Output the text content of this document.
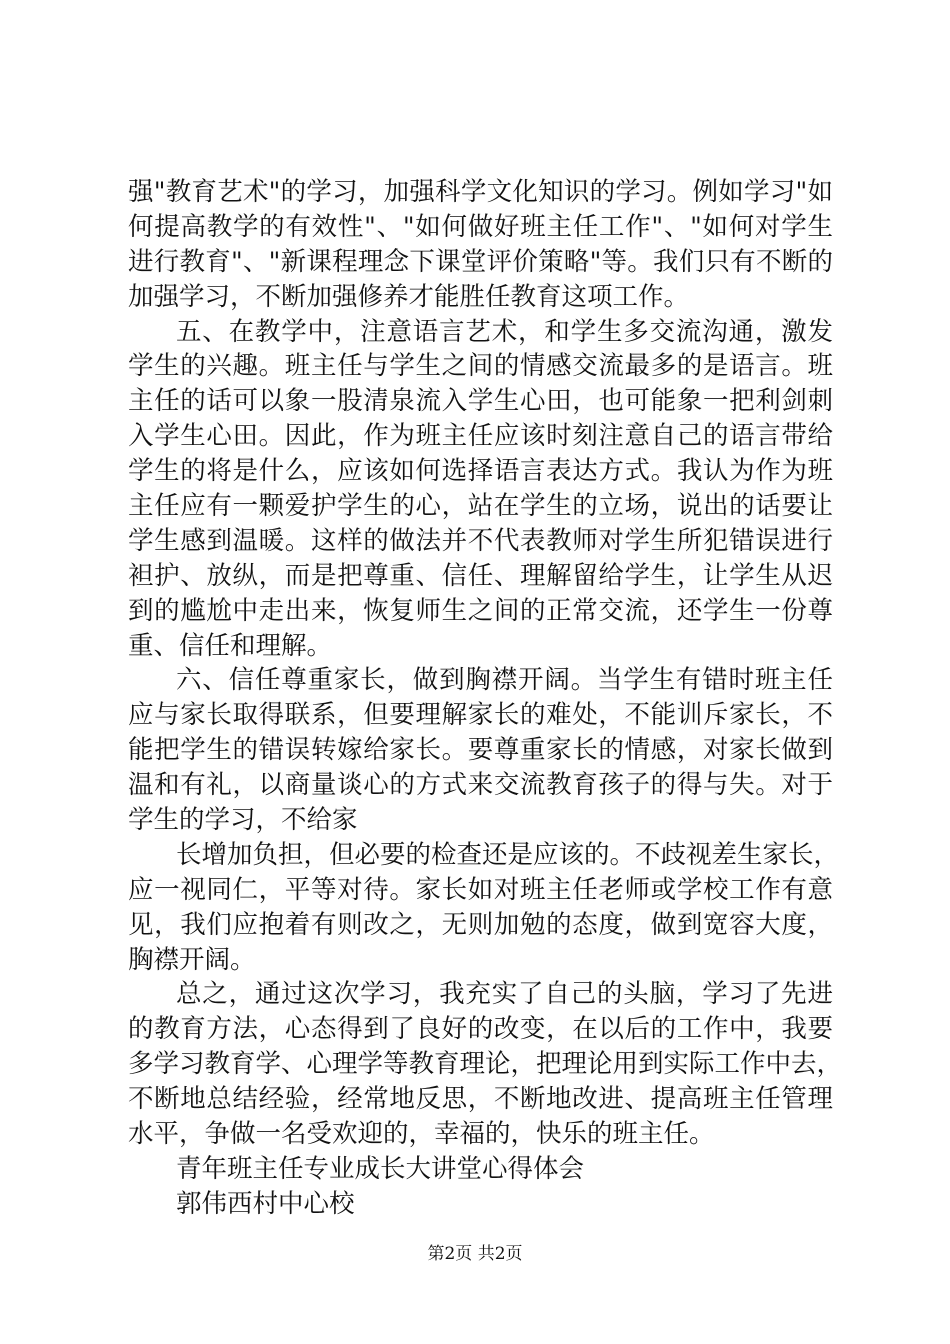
强"教育艺术"的学习，加强科学文化知识的学习。例如学习"如
何提高教学的有效性"、"如何做好班主任工作"、"如何对学生
进行教育"、"新课程理念下课堂评价策略"等。我们只有不断的
加强学习，不断加强修养才能胜任教育这项工作。
五、在教学中，注意语言艺术，和学生多交流沟通，激发
学生的兴趣。班主任与学生之间的情感交流最多的是语言。班
主任的话可以象一股清泉流入学生心田，也可能象一把利剑刺
入学生心田。因此，作为班主任应该时刻注意自己的语言带给
学生的将是什么，应该如何选择语言表达方式。我认为作为班
主任应有一颗爱护学生的心，站在学生的立场，说出的话要让
学生感到温暖。这样的做法并不代表教师对学生所犯错误进行
袒护、放纵，而是把尊重、信任、理解留给学生，让学生从迟
到的尴尬中走出来，恢复师生之间的正常交流，还学生一份尊
重、信任和理解。
六、信任尊重家长，做到胸襟开阔。当学生有错时班主任
应与家长取得联系，但要理解家长的难处，不能训斥家长，不
能把学生的错误转嫁给家长。要尊重家长的情感，对家长做到
温和有礼，以商量谈心的方式来交流教育孩子的得与失。对于
学生的学习，不给家
长增加负担，但必要的检查还是应该的。不歧视差生家长，
应一视同仁，平等对待。家长如对班主任老师或学校工作有意
见，我们应抱着有则改之，无则加勉的态度，做到宽容大度，
胸襟开阔。
总之，通过这次学习，我充实了自己的头脑，学习了先进
的教育方法，心态得到了良好的改变，在以后的工作中，我要
多学习教育学、心理学等教育理论，把理论用到实际工作中去，
不断地总结经验，经常地反思，不断地改进、提高班主任管理
水平，争做一名受欢迎的，幸福的，快乐的班主任。
青年班主任专业成长大讲堂心得体会
郭伟西村中心校
第2页 共2页
